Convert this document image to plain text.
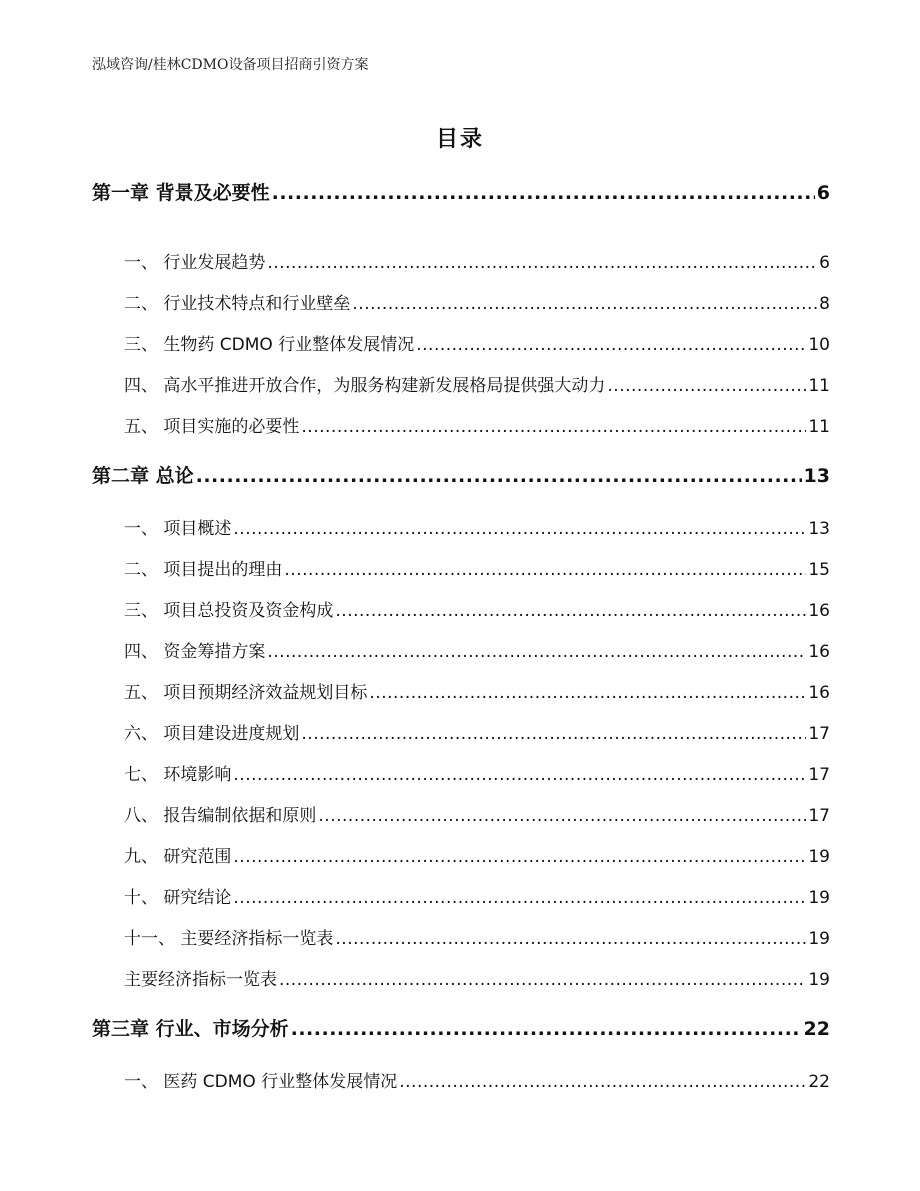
泓域咨询/桂林CDMO设备项目招商引资方案
目录
第一章 背景及必要性 .....	6
一、 行业发展趋势 .....	6
二、 行业技术特点和行业壁垒 .....	8
三、 生物药 CDMO 行业整体发展情况 .....	10
四、 高水平推进开放合作，为服务构建新发展格局提供强大动力 .....	11
五、 项目实施的必要性 .....	11
第二章 总论 .....	13
一、 项目概述 .....	13
二、 项目提出的理由 .....	15
三、 项目总投资及资金构成 .....	16
四、 资金筹措方案 .....	16
五、 项目预期经济效益规划目标 .....	16
六、 项目建设进度规划 .....	17
七、 环境影响 .....	17
八、 报告编制依据和原则 .....	17
九、 研究范围 .....	19
十、 研究结论 .....	19
十一、 主要经济指标一览表 .....	19
主要经济指标一览表 .....	19
第三章 行业、市场分析 .....	22
一、 医药 CDMO 行业整体发展情况 .....	22
